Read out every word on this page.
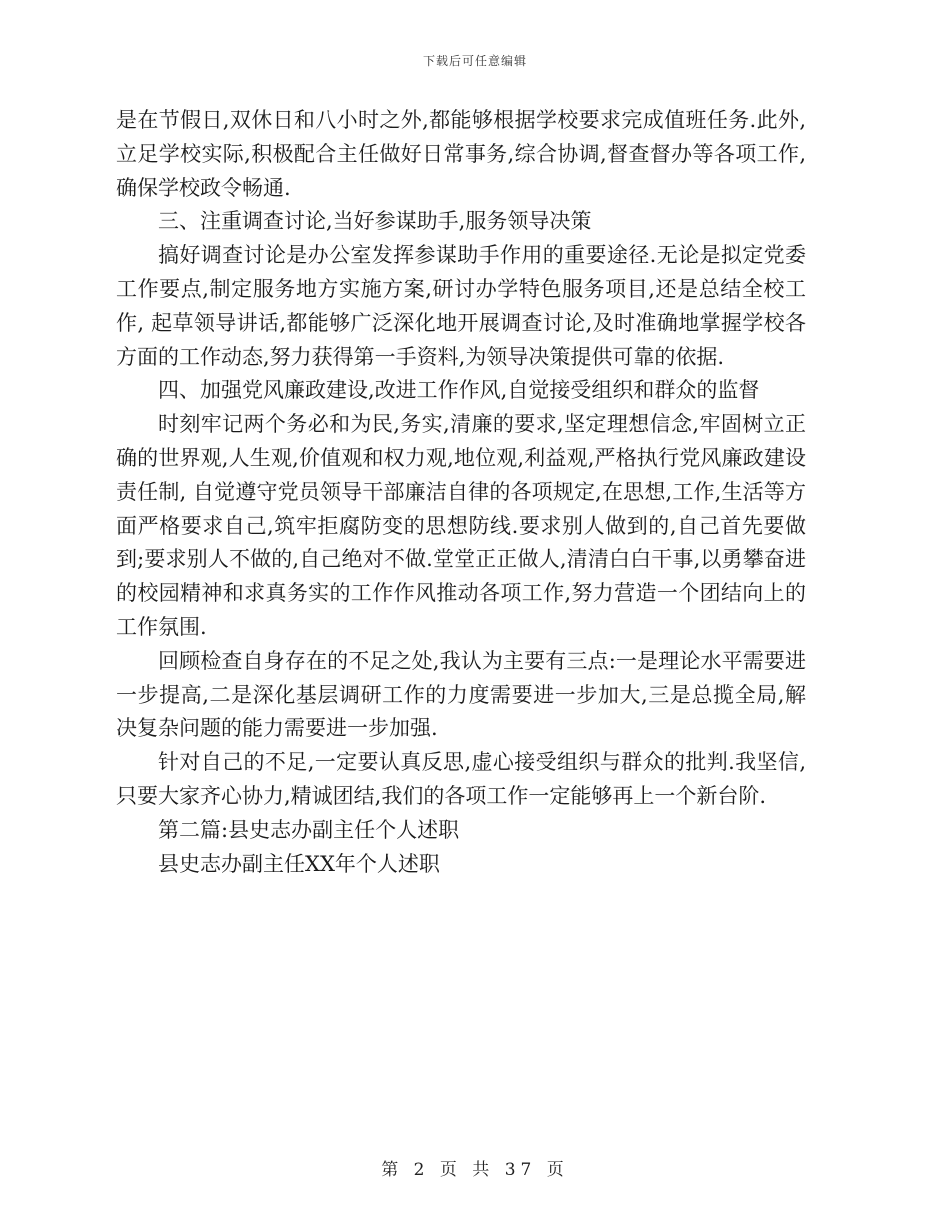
下载后可任意编辑

是在节假日,双休日和八小时之外,都能够根据学校要求完成值班任务.此外,立足学校实际,积极配合主任做好日常事务,综合协调,督查督办等各项工作,确保学校政令畅通.

三、注重调查讨论,当好参谋助手,服务领导决策

搞好调查讨论是办公室发挥参谋助手作用的重要途径.无论是拟定党委工作要点,制定服务地方实施方案,研讨办学特色服务项目,还是总结全校工作, 起草领导讲话,都能够广泛深化地开展调查讨论,及时准确地掌握学校各方面的工作动态,努力获得第一手资料,为领导决策提供可靠的依据.

四、加强党风廉政建设,改进工作作风,自觉接受组织和群众的监督

时刻牢记两个务必和为民,务实,清廉的要求,坚定理想信念,牢固树立正确的世界观,人生观,价值观和权力观,地位观,利益观,严格执行党风廉政建设责任制, 自觉遵守党员领导干部廉洁自律的各项规定,在思想,工作,生活等方面严格要求自己,筑牢拒腐防变的思想防线.要求别人做到的,自己首先要做到;要求别人不做的,自己绝对不做.堂堂正正做人,清清白白干事,以勇攀奋进的校园精神和求真务实的工作作风推动各项工作,努力营造一个团结向上的工作氛围.

回顾检查自身存在的不足之处,我认为主要有三点:一是理论水平需要进一步提高,二是深化基层调研工作的力度需要进一步加大,三是总揽全局,解决复杂问题的能力需要进一步加强.

针对自己的不足,一定要认真反思,虚心接受组织与群众的批判.我坚信,只要大家齐心协力,精诚团结,我们的各项工作一定能够再上一个新台阶.

第二篇:县史志办副主任个人述职

县史志办副主任XX年个人述职

第 2 页 共 37 页
